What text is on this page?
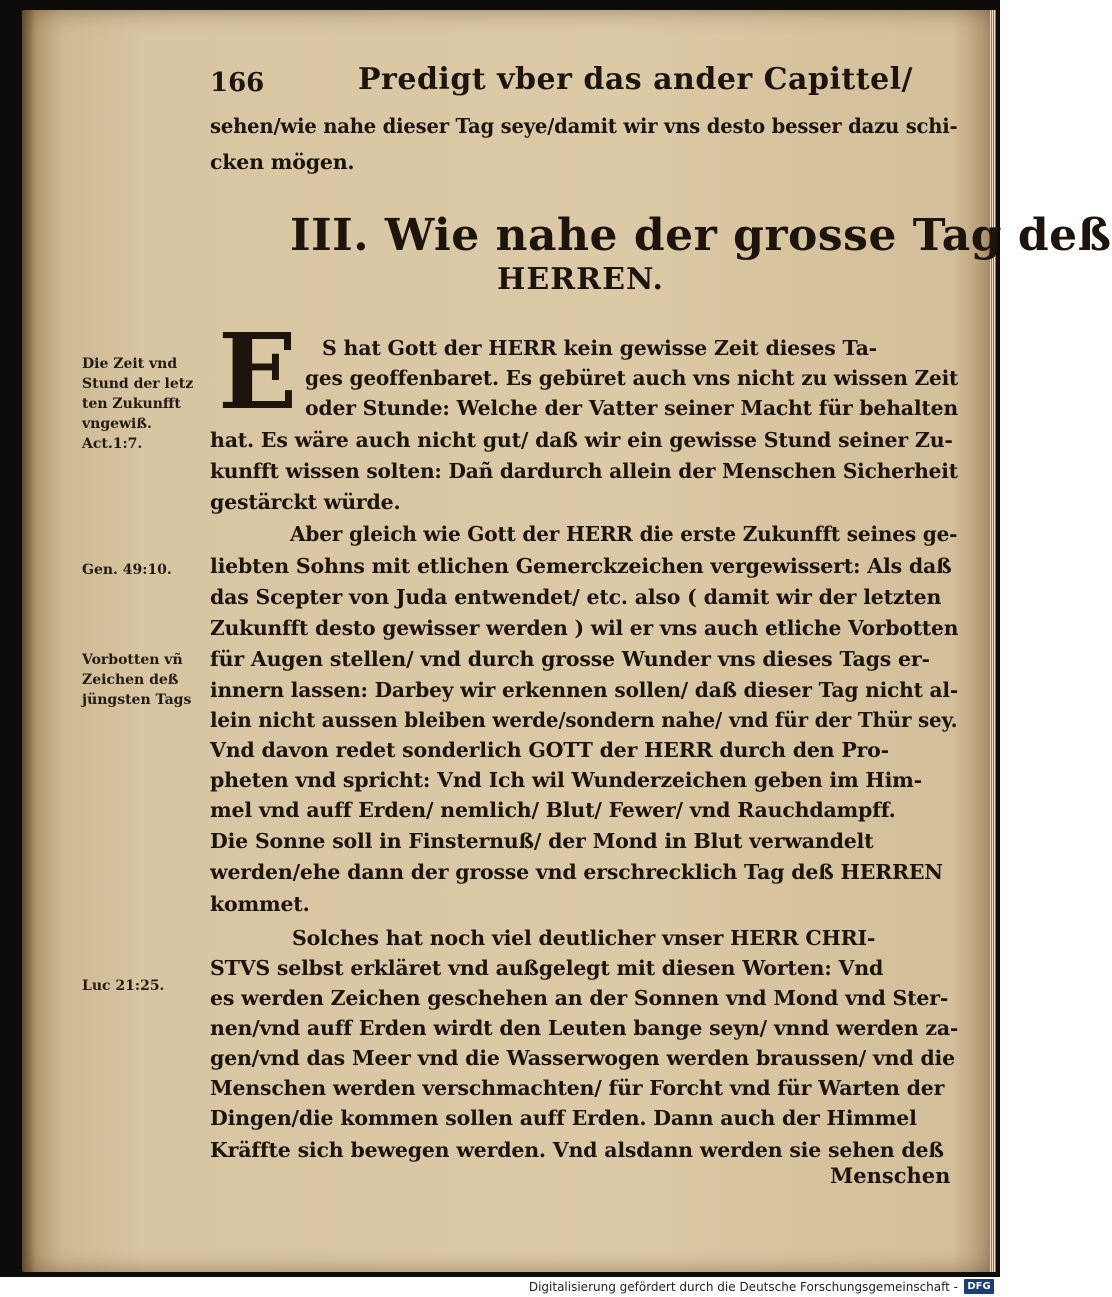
166	Predigt vber das ander Capittel/
sehen/wie nahe dieser Tag seye/damit wir vns desto besser dazu schi-
cken mögen.
III. Wie nahe der grosse Tag deß
HERREN.
E S hat Gott der HERR kein gewisse Zeit dieses Ta-
ges geoffenbaret. Es gebüret auch vns nicht zu wissen Zeit
oder Stunde: Welche der Vatter seiner Macht für behalten
hat. Es wäre auch nicht gut/ daß wir ein gewisse Stund seiner Zu-
kunfft wissen solten: Dañ dardurch allein der Menschen Sicherheit
gestärckt würde.
Aber gleich wie Gott der HERR die erste Zukunfft seines ge-
liebten Sohns mit etlichen Gemerckzeichen vergewissert: Als daß
das Scepter von Juda entwendet/ etc. also ( damit wir der letzten
Zukunfft desto gewisser werden ) wil er vns auch etliche Vorbotten
für Augen stellen/ vnd durch grosse Wunder vns dieses Tags er-
innern lassen: Darbey wir erkennen sollen/ daß dieser Tag nicht al-
lein nicht aussen bleiben werde/sondern nahe/ vnd für der Thür sey.
Vnd davon redet sonderlich GOTT der HERR durch den Pro-
pheten vnd spricht: Vnd Ich wil Wunderzeichen geben im Him-
mel vnd auff Erden/ nemlich/ Blut/ Fewer/ vnd Rauchdampff.
Die Sonne soll in Finsternuß/ der Mond in Blut verwandelt
werden/ehe dann der grosse vnd erschrecklich Tag deß HERREN
kommet.
Solches hat noch viel deutlicher vnser HERR CHRI-
STVS selbst erkläret vnd außgelegt mit diesen Worten: Vnd
es werden Zeichen geschehen an der Sonnen vnd Mond vnd Ster-
nen/vnd auff Erden wirdt den Leuten bange seyn/ vnnd werden za-
gen/vnd das Meer vnd die Wasserwogen werden braussen/ vnd die
Menschen werden verschmachten/ für Forcht vnd für Warten der
Dingen/die kommen sollen auff Erden. Dann auch der Himmel
Kräffte sich bewegen werden. Vnd alsdann werden sie sehen deß
Menschen
Die Zeit vnd
Stund der letz
ten Zukunfft
vngewiß.
Act.1:7.
Gen. 49:10.
Vorbotten vñ
Zeichen deß
jüngsten Tags
Luc 21:25.
Digitalisierung gefördert durch die Deutsche Forschungsgemeinschaft - DFG
